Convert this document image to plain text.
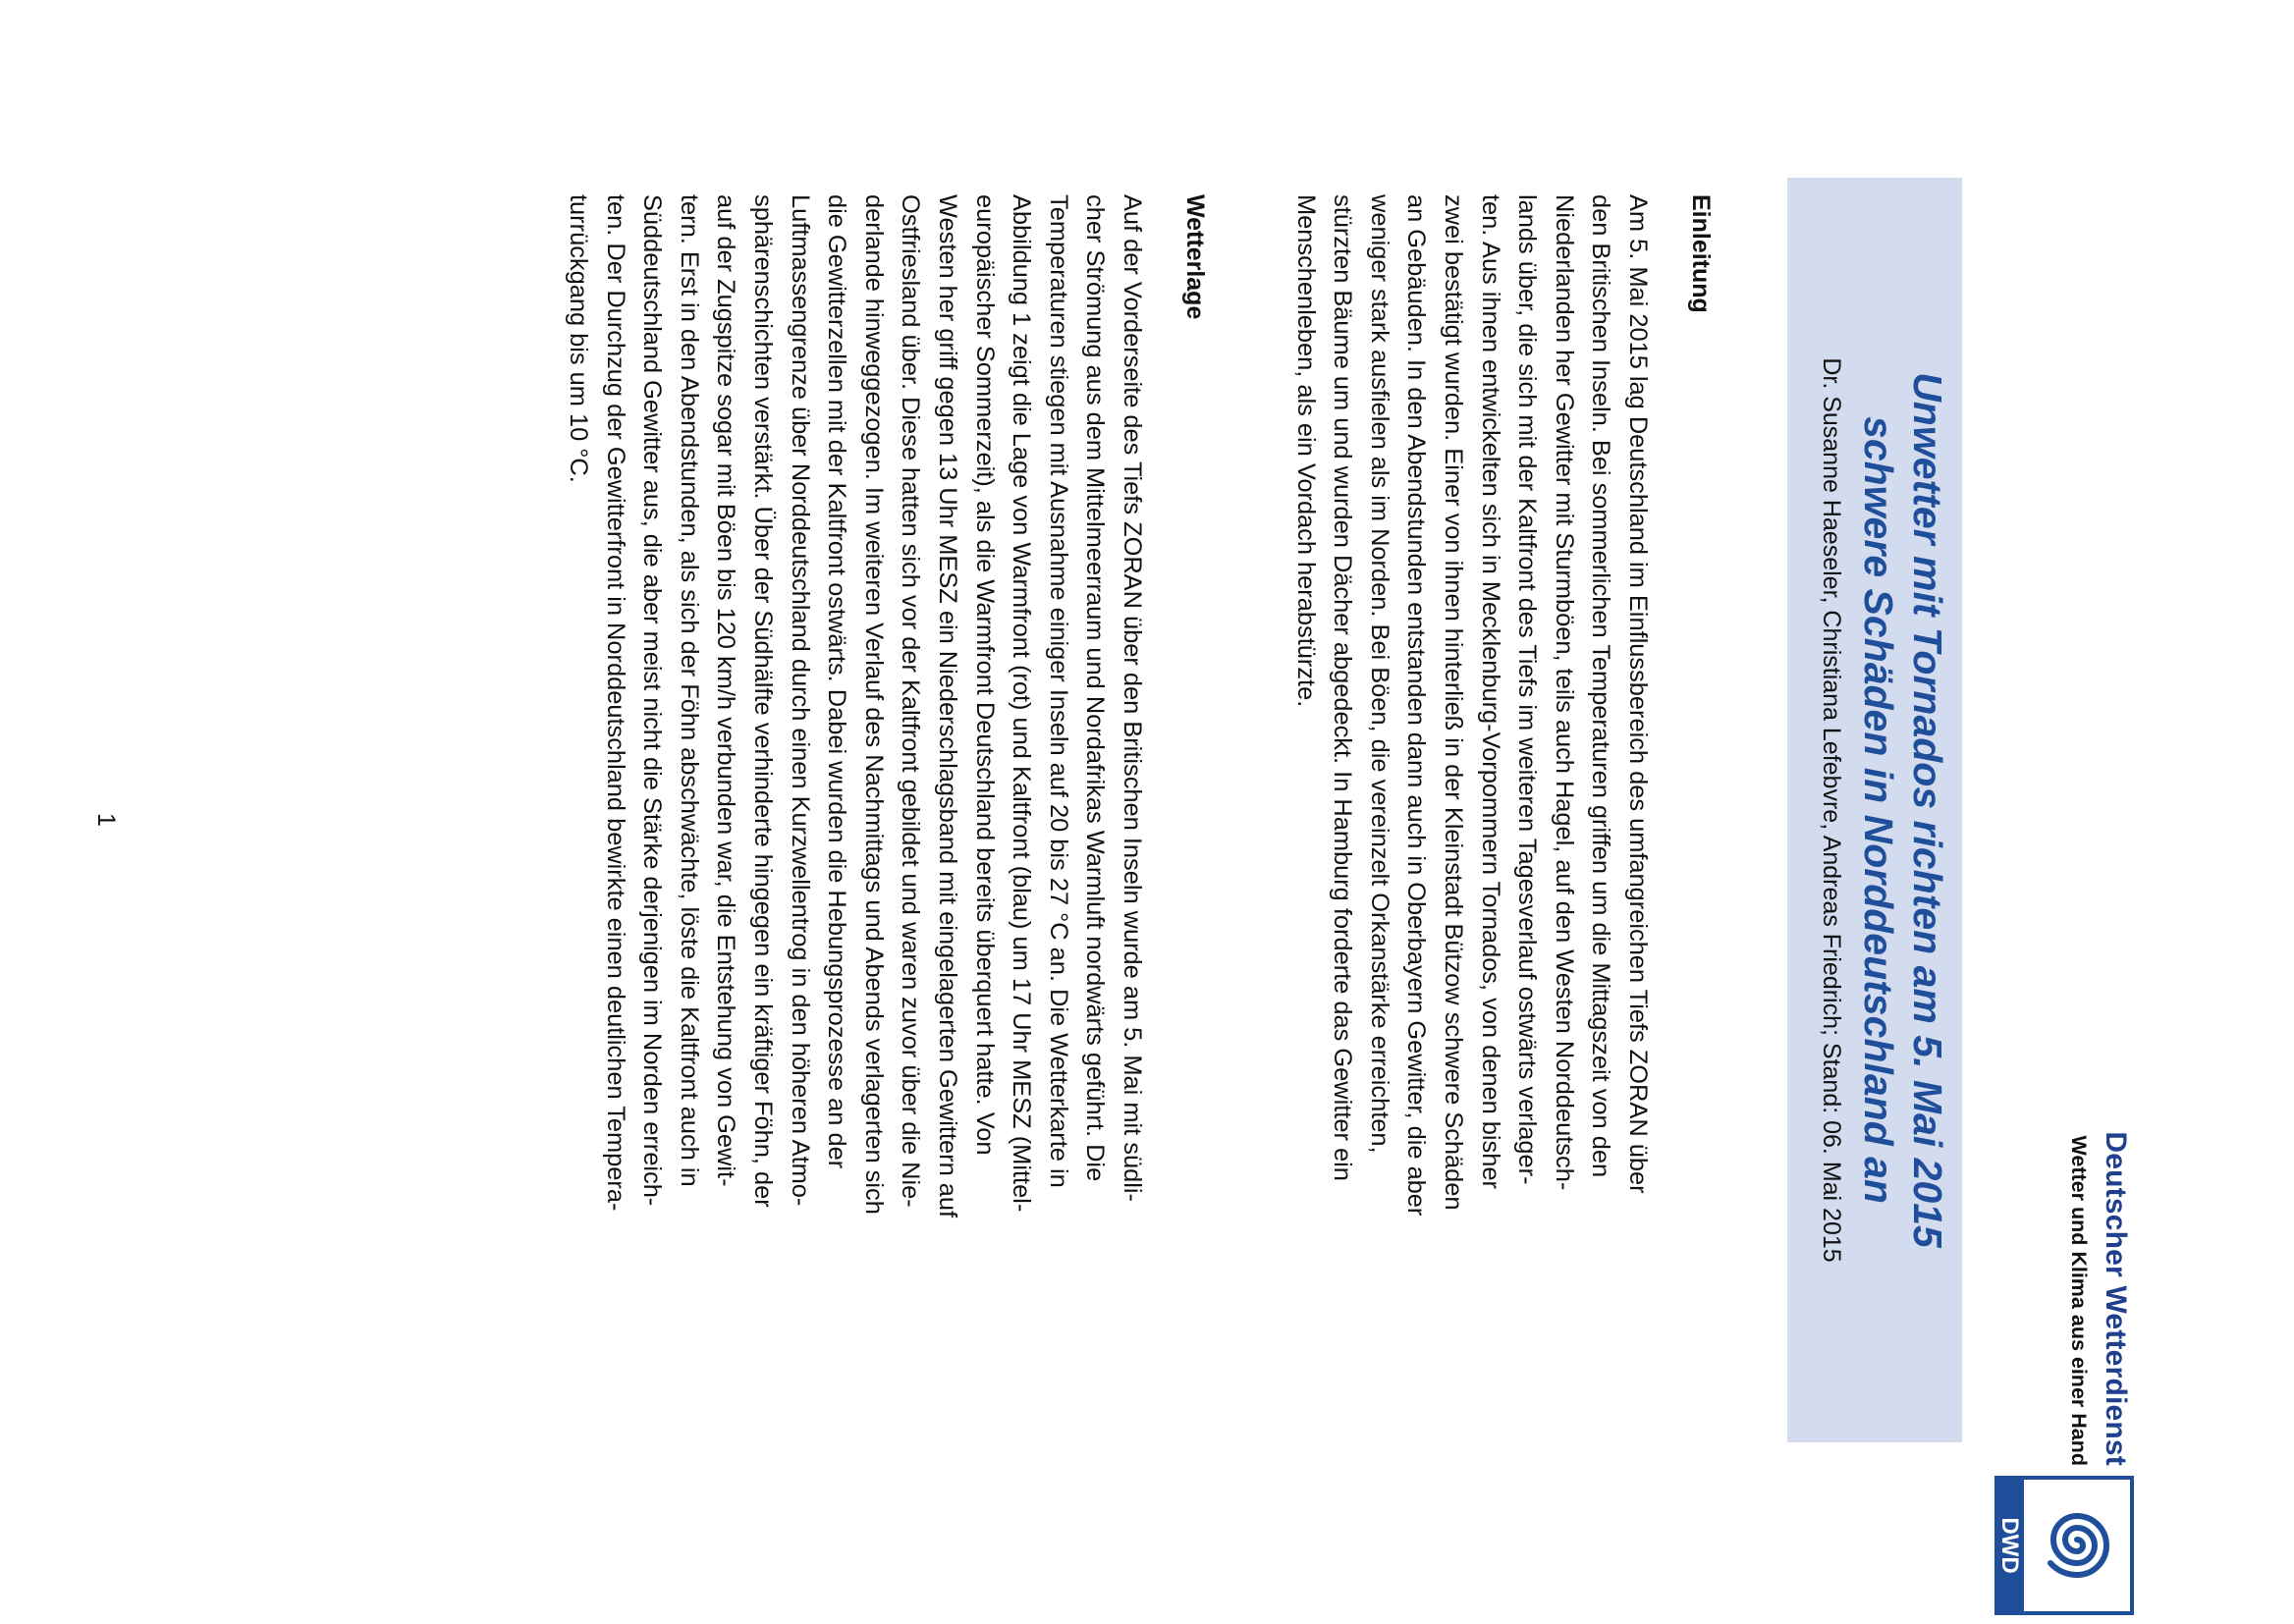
Deutscher Wetterdienst
Wetter und Klima aus einer Hand
DWD
Unwetter mit Tornados richten am 5. Mai 2015
schwere Schäden in Norddeutschland an
Dr. Susanne Haeseler, Christiana Lefebvre, Andreas Friedrich; Stand: 06. Mai 2015
Einleitung
Am 5. Mai 2015 lag Deutschland im Einflussbereich des umfangreichen Tiefs ZORAN über
den Britischen Inseln. Bei sommerlichen Temperaturen griffen um die Mittagszeit von den
Niederlanden her Gewitter mit Sturmböen, teils auch Hagel, auf den Westen Norddeutsch-
lands über, die sich mit der Kaltfront des Tiefs im weiteren Tagesverlauf ostwärts verlager-
ten. Aus ihnen entwickelten sich in Mecklenburg-Vorpommern Tornados, von denen bisher
zwei bestätigt wurden. Einer von ihnen hinterließ in der Kleinstadt Bützow schwere Schäden
an Gebäuden. In den Abendstunden entstanden dann auch in Oberbayern Gewitter, die aber
weniger stark ausfielen als im Norden. Bei Böen, die vereinzelt Orkanstärke erreichten,
stürzten Bäume um und wurden Dächer abgedeckt. In Hamburg forderte das Gewitter ein
Menschenleben, als ein Vordach herabstürzte.
Wetterlage
Auf der Vorderseite des Tiefs ZORAN über den Britischen Inseln wurde am 5. Mai mit südli-
cher Strömung aus dem Mittelmeerraum und Nordafrikas Warmluft nordwärts geführt. Die
Temperaturen stiegen mit Ausnahme einiger Inseln auf 20 bis 27 °C an. Die Wetterkarte in
Abbildung 1 zeigt die Lage von Warmfront (rot) und Kaltfront (blau) um 17 Uhr MESZ (Mittel-
europäischer Sommerzeit), als die Warmfront Deutschland bereits überquert hatte. Von
Westen her griff gegen 13 Uhr MESZ ein Niederschlagsband mit eingelagerten Gewittern auf
Ostfriesland über. Diese hatten sich vor der Kaltfront gebildet und waren zuvor über die Nie-
derlande hinweggezogen. Im weiteren Verlauf des Nachmittags und Abends verlagerten sich
die Gewitterzellen mit der Kaltfront ostwärts. Dabei wurden die Hebungsprozesse an der
Luftmassengrenze über Norddeutschland durch einen Kurzwellentrog in den höheren Atmo-
sphärenschichten verstärkt. Über der Südhälfte verhinderte hingegen ein kräftiger Föhn, der
auf der Zugspitze sogar mit Böen bis 120 km/h verbunden war, die Entstehung von Gewit-
tern. Erst in den Abendstunden, als sich der Föhn abschwächte, löste die Kaltfront auch in
Süddeutschland Gewitter aus, die aber meist nicht die Stärke derjenigen im Norden erreich-
ten. Der Durchzug der Gewitterfront in Norddeutschland bewirkte einen deutlichen Tempera-
turrückgang bis um 10 °C.
1
